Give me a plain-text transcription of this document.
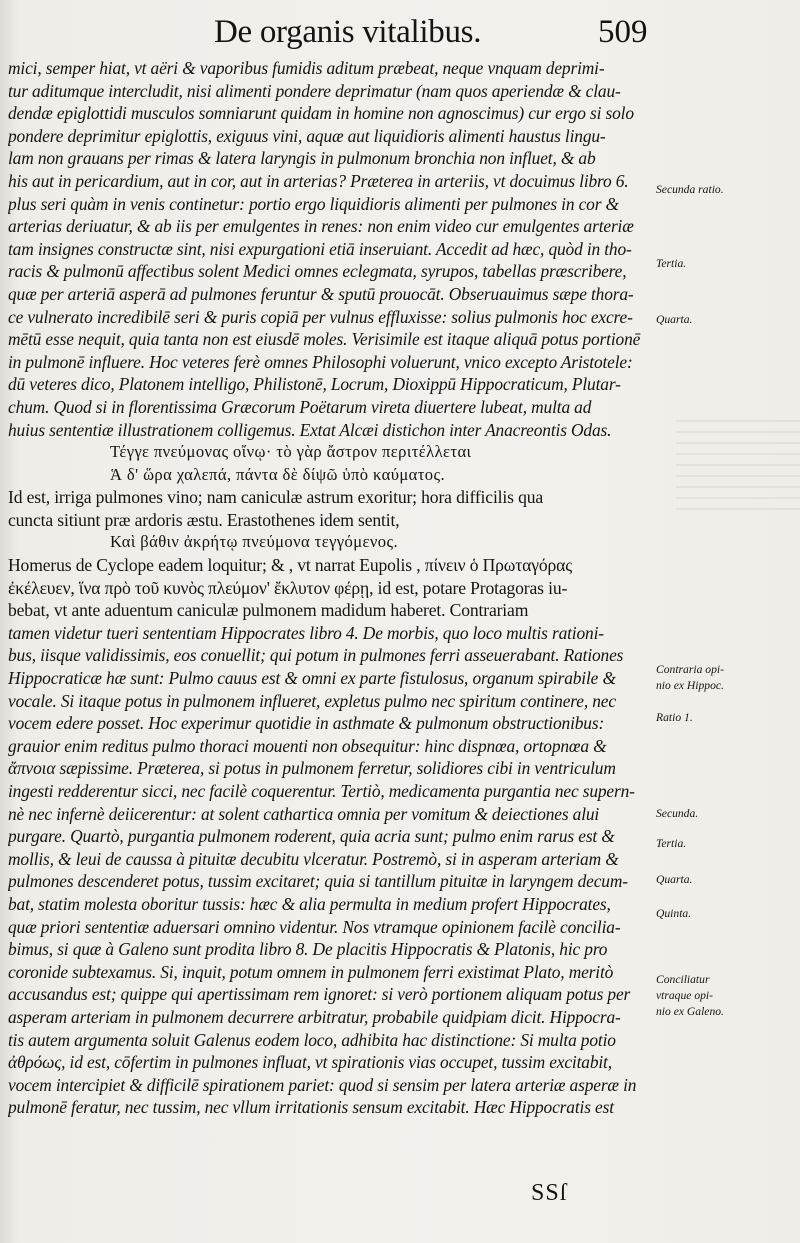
De organis vitalibus.	509
mici, semper hiat, vt aëri & vaporibus fumidis aditum præbeat, neque vnquam deprimi-
tur aditumque intercludit, nisi alimenti pondere deprimatur (nam quos aperiendæ & clau-
dendæ epiglottidi musculos somniarunt quidam in homine non agnoscimus) cur ergo si solo
pondere deprimitur epiglottis, exiguus vini, aquæ aut liquidioris alimenti haustus lingu-
lam non grauans per rimas & latera laryngis in pulmonum bronchia non influet, & ab
his aut in pericardium, aut in cor, aut in arterias? Præterea in arteriis, vt docuimus libro 6.
plus seri quàm in venis continetur: portio ergo liquidioris alimenti per pulmones in cor &
arterias deriuatur, & ab iis per emulgentes in renes: non enim video cur emulgentes arteriæ
tam insignes constructæ sint, nisi expurgationi etiā inseruiant. Accedit ad hæc, quòd in tho-
racis & pulmonū affectibus solent Medici omnes eclegmata, syrupos, tabellas præscribere,
quæ per arteriā asperā ad pulmones feruntur & sputū prouocāt. Obseruauimus sæpe thora-
ce vulnerato incredibilē seri & puris copiā per vulnus effluxisse: solius pulmonis hoc excre-
mētū esse nequit, quia tanta non est eiusdē moles. Verisimile est itaque aliquā potus portionē
in pulmonē influere. Hoc veteres ferè omnes Philosophi voluerunt, vnico excepto Aristotele:
dū veteres dico, Platonem intelligo, Philistonē, Locrum, Dioxippū Hippocraticum, Plutar-
chum. Quod si in florentissima Græcorum Poëtarum vireta diuertere lubeat, multa ad
huius sententiæ illustrationem colligemus. Extat Alcæi distichon inter Anacreontis Odas.
Τέγγε πνεύμονας οἴνῳ· τὸ γὰρ ἄστρον περιτέλλεται
Ἁ δ' ὥρα χαλεπά, πάντα δὲ δίψῶ ὑπὸ καύματος.
Id est, irriga pulmones vino; nam caniculæ astrum exoritur; hora difficilis qua
cuncta sitiunt præ ardoris æstu. Erastothenes idem sentit,
Καὶ βάθιν ἀκρήτῳ πνεύμονα τεγγόμενος.
Homerus de Cyclope eadem loquitur; & , vt narrat Eupolis , πίνειν ὁ Πρωταγόρας
ἐκέλευεν, ἵνα πρὸ τοῦ κυνὸς πλεύμον' ἔκλυτον φέρῃ, id est, potare Protagoras iu-
bebat, vt ante aduentum caniculæ pulmonem madidum haberet. Contrariam
tamen videtur tueri sententiam Hippocrates libro 4. De morbis, quo loco multis rationi-
bus, iisque validissimis, eos conuellit; qui potum in pulmones ferri asseuerabant. Rationes
Hippocraticæ hæ sunt: Pulmo cauus est & omni ex parte fistulosus, organum spirabile &
vocale. Si itaque potus in pulmonem influeret, expletus pulmo nec spiritum continere, nec
vocem edere posset. Hoc experimur quotidie in asthmate & pulmonum obstructionibus:
grauior enim reditus pulmo thoraci mouenti non obsequitur: hinc dispnœa, ortopnœa &
ἄπνοια sæpissime. Præterea, si potus in pulmonem ferretur, solidiores cibi in ventriculum
ingesti redderentur sicci, nec facilè coquerentur. Tertiò, medicamenta purgantia nec supern-
nè nec infernè deiicerentur: at solent cathartica omnia per vomitum & deiectiones alui
purgare. Quartò, purgantia pulmonem roderent, quia acria sunt; pulmo enim rarus est &
mollis, & leui de caussa à pituitæ decubitu vlceratur. Postremò, si in asperam arteriam &
pulmones descenderet potus, tussim excitaret; quia si tantillum pituitæ in laryngem decum-
bat, statim molesta oboritur tussis: hæc & alia permulta in medium profert Hippocrates,
quæ priori sententiæ aduersari omnino videntur. Nos vtramque opinionem facilè concilia-
bimus, si quæ à Galeno sunt prodita libro 8. De placitis Hippocratis & Platonis, hic pro
coronide subtexamus. Si, inquit, potum omnem in pulmonem ferri existimat Plato, meritò
accusandus est; quippe qui apertissimam rem ignoret: si verò portionem aliquam potus per
asperam arteriam in pulmonem decurrere arbitratur, probabile quidpiam dicit. Hippocra-
tis autem argumenta soluit Galenus eodem loco, adhibita hac distinctione: Si multa potio
ἀθρόως, id est, cōfertim in pulmones influat, vt spirationis vias occupet, tussim excitabit,
vocem intercipiet & difficilē spirationem pariet: quod si sensim per latera arteriæ asperæ in
pulmonē feratur, nec tussim, nec vllum irritationis sensum excitabit. Hæc Hippocratis est
Secunda ratio.
Tertia.
Quarta.
Contraria opi-
nio ex Hippoc.
Ratio 1.
Secunda.
Tertia.
Quarta.
Quinta.
Conciliatur
vtraque opi-
nio ex Galeno.
SSſ
